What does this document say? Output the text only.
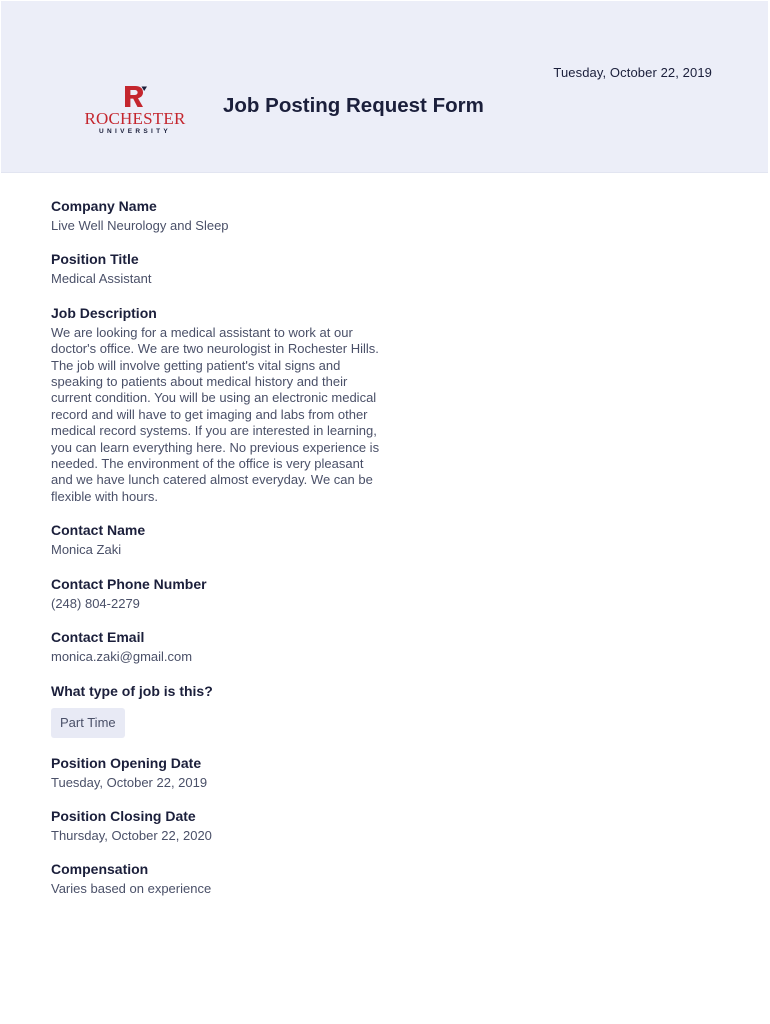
Tuesday, October 22, 2019
ROCHESTER
UNIVERSITY
Job Posting Request Form
Company Name
Live Well Neurology and Sleep
Position Title
Medical Assistant
Job Description
We are looking for a medical assistant to work at our doctor's office. We are two neurologist in Rochester Hills. The job will involve getting patient's vital signs and speaking to patients about medical history and their current condition. You will be using an electronic medical record and will have to get imaging and labs from other medical record systems. If you are interested in learning, you can learn everything here. No previous experience is needed. The environment of the office is very pleasant and we have lunch catered almost everyday. We can be flexible with hours.
Contact Name
Monica Zaki
Contact Phone Number
(248) 804-2279
Contact Email
monica.zaki@gmail.com
What type of job is this?
Part Time
Position Opening Date
Tuesday, October 22, 2019
Position Closing Date
Thursday, October 22, 2020
Compensation
Varies based on experience
